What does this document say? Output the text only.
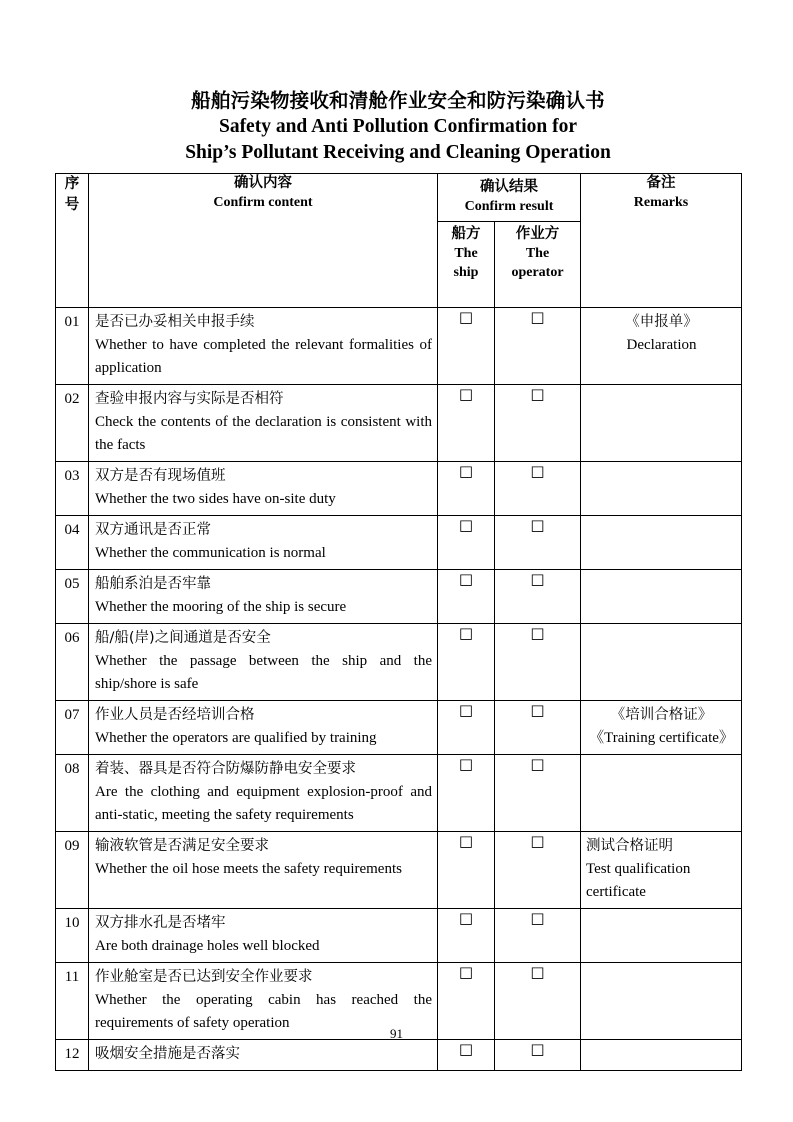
船舶污染物接收和清舱作业安全和防污染确认书
Safety and Anti Pollution Confirmation for
Ship’s Pollutant Receiving and Cleaning Operation
序
号

确认内容
Confirm content

确认结果
Confirm result

备注
Remarks

船方
The
ship

作业方
The
operator

01	是否已办妥相关申报手续
Whether to have completed the relevant formalities of application
	□	□	《申报单》
Declaration

02	查验申报内容与实际是否相符
Check the contents of the declaration is consistent with the facts	□	□	
03	双方是否有现场值班
Whether the two sides have on-site duty	□	□	
04	双方通讯是否正常
Whether the communication is normal	□	□	
05	船舶系泊是否牢靠
Whether the mooring of the ship is secure	□	□	
06	船/船(岸)之间通道是否安全
Whether the passage between the ship and the ship/shore is safe	□	□	
07	作业人员是否经培训合格
Whether the operators are qualified by training
	□	□	《培训合格证》
《Training certificate》

08	着装、器具是否符合防爆防静电安全要求
Are the clothing and equipment explosion-proof and anti-static, meeting the safety requirements	□	□	
09	输液软管是否满足安全要求
Whether the oil hose meets the safety requirements
	□	□	测试合格证明
Test qualification certificate

10	双方排水孔是否堵牢
Are both drainage holes well blocked	□	□	
11	作业舱室是否已达到安全作业要求
Whether the operating cabin has reached the requirements of safety operation	□	□	
12	吸烟安全措施是否落实	□	□	
91
